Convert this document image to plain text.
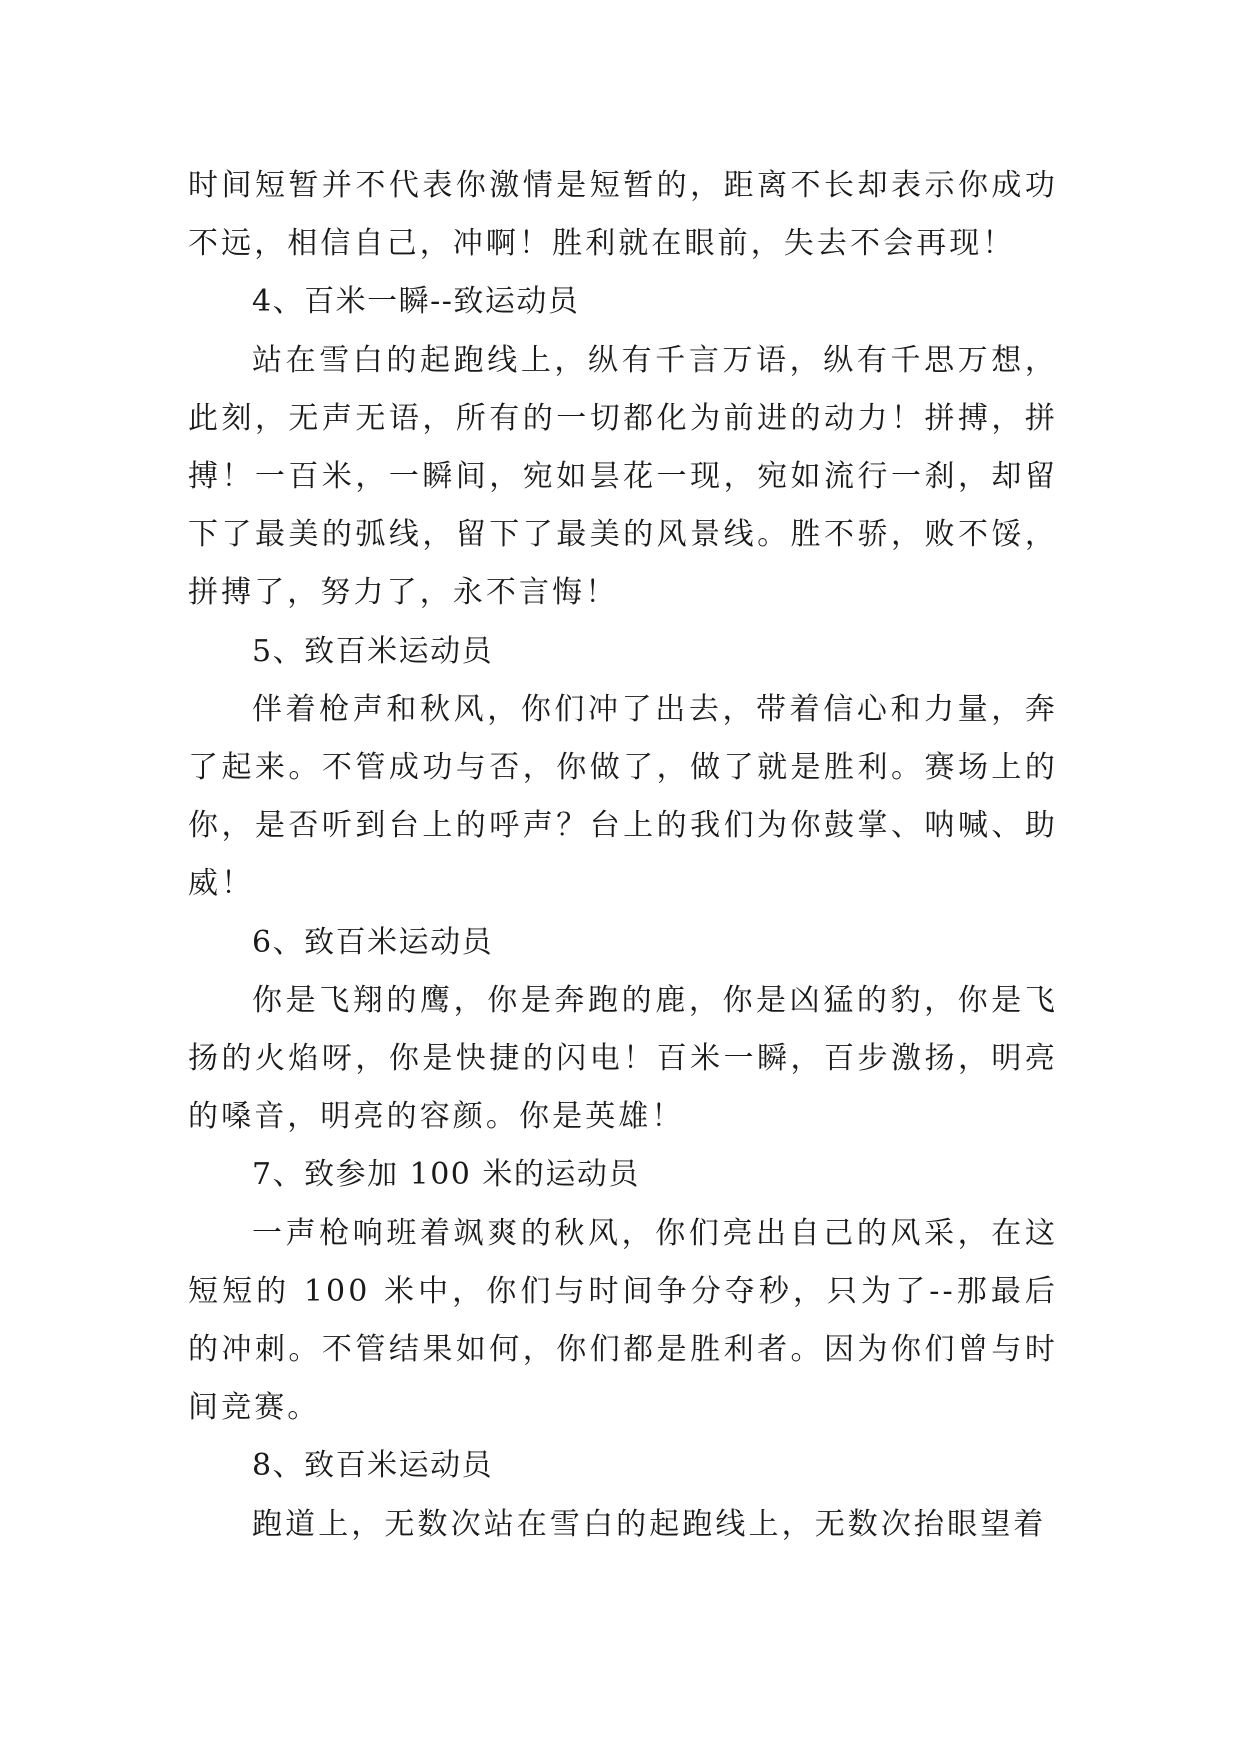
时间短暂并不代表你激情是短暂的，距离不长却表示你成功不远，相信自己，冲啊！胜利就在眼前，失去不会再现！

4、百米一瞬--致运动员

站在雪白的起跑线上，纵有千言万语，纵有千思万想，此刻，无声无语，所有的一切都化为前进的动力！拼搏，拼搏！一百米，一瞬间，宛如昙花一现，宛如流行一刹，却留下了最美的弧线，留下了最美的风景线。胜不骄，败不馁，拼搏了，努力了，永不言悔！

5、致百米运动员

伴着枪声和秋风，你们冲了出去，带着信心和力量，奔了起来。不管成功与否，你做了，做了就是胜利。赛场上的你，是否听到台上的呼声？台上的我们为你鼓掌、呐喊、助威！

6、致百米运动员

你是飞翔的鹰，你是奔跑的鹿，你是凶猛的豹，你是飞扬的火焰呀，你是快捷的闪电！百米一瞬，百步激扬，明亮的嗓音，明亮的容颜。你是英雄！

7、致参加 100 米的运动员

一声枪响班着飒爽的秋风，你们亮出自己的风采，在这短短的 100 米中，你们与时间争分夺秒，只为了--那最后的冲刺。不管结果如何，你们都是胜利者。因为你们曾与时间竞赛。

8、致百米运动员

跑道上，无数次站在雪白的起跑线上，无数次抬眼望着
